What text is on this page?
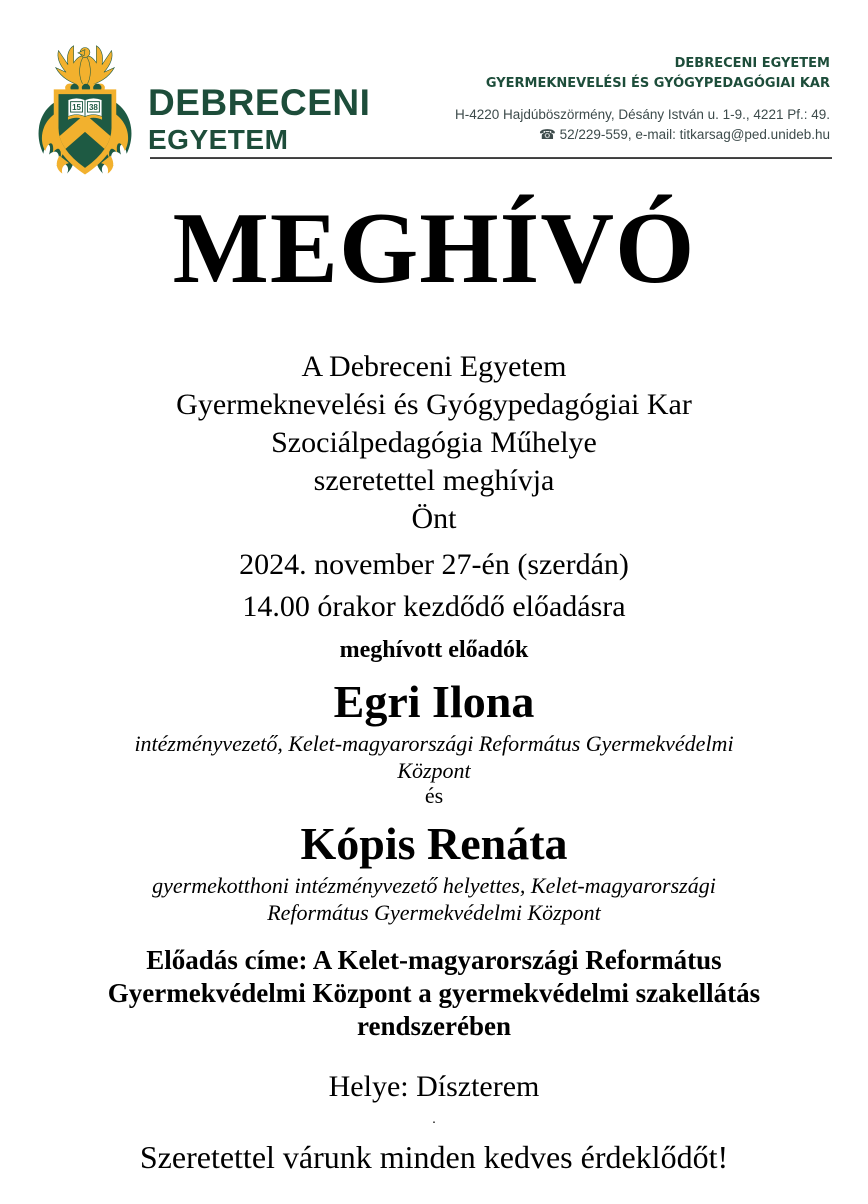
15 38 DEBRECENI
EGYETEM
DEBRECENI EGYETEM
GYERMEKNEVELÉSI ÉS GYÓGYPEDAGÓGIAI KAR
H-4220 Hajdúböszörmény, Désány István u. 1-9., 4221 Pf.: 49.
☎ 52/229-559, e-mail: titkarsag@ped.unideb.hu
MEGHÍVÓ
A Debreceni Egyetem
Gyermeknevelési és Gyógypedagógiai Kar
Szociálpedagógia Műhelye
szeretettel meghívja
Önt
2024. november 27-én (szerdán)
14.00 órakor kezdődő előadásra
meghívott előadók
Egri Ilona
intézményvezető, Kelet-magyarországi Református Gyermekvédelmi Központ
és
Kópis Renáta
gyermekotthoni intézményvezető helyettes, Kelet-magyarországi Református Gyermekvédelmi Központ
Előadás címe: A Kelet-magyarországi Református Gyermekvédelmi Központ a gyermekvédelmi szakellátás rendszerében
Helye: Díszterem
.
Szeretettel várunk minden kedves érdeklődőt!
